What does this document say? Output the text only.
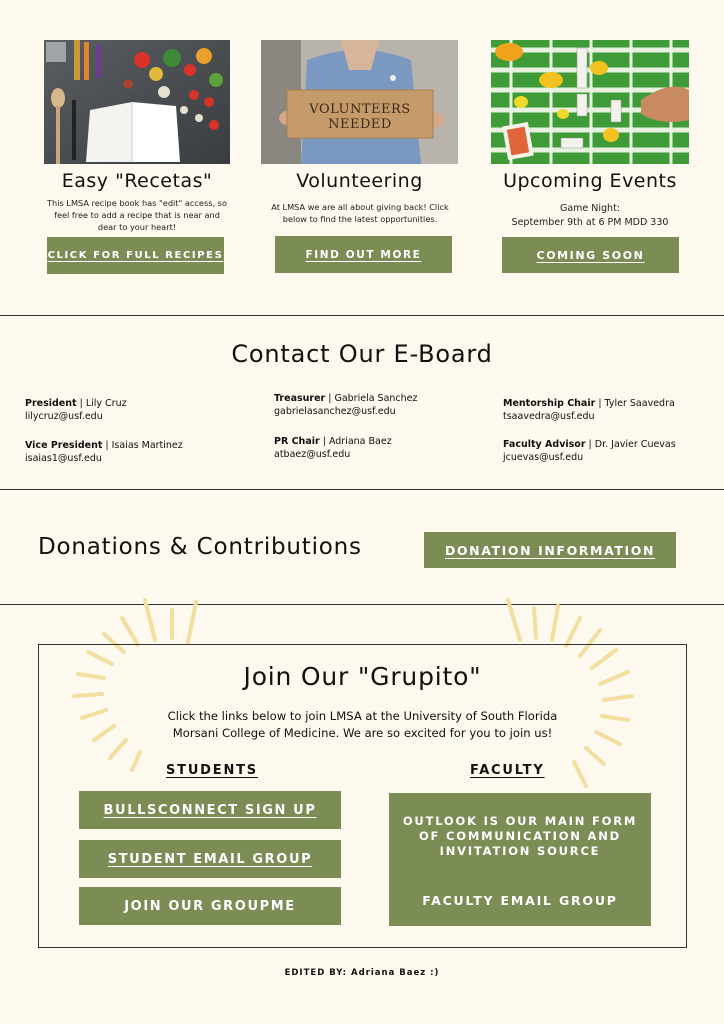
VOLUNTEERS NEEDED
Easy "Recetas"	Volunteering	Upcoming Events
This LMSA recipe book has "edit" access, so
feel free to add a recipe that is near and
dear to your heart!
At LMSA we are all about giving back! Click
below to find the latest opportunities.
Game Night:
September 9th at 6 PM MDD 330
CLICK FOR FULL RECIPES	FIND OUT MORE	COMING SOON
Contact Our E-Board
President | Lily Cruz
lilycruz@usf.edu
Vice President | Isaias Martinez
isaias1@usf.edu
Treasurer | Gabriela Sanchez
gabrielasanchez@usf.edu
PR Chair | Adriana Baez
atbaez@usf.edu
Mentorship Chair | Tyler Saavedra
tsaavedra@usf.edu
Faculty Advisor | Dr. Javier Cuevas
jcuevas@usf.edu
Donations & Contributions	DONATION INFORMATION
Join Our "Grupito"
Click the links below to join LMSA at the University of South Florida
Morsani College of Medicine. We are so excited for you to join us!
STUDENTS	FACULTY
BULLSCONNECT SIGN UP
STUDENT EMAIL GROUP
JOIN OUR GROUPME
OUTLOOK IS OUR MAIN FORM
OF COMMUNICATION AND
INVITATION SOURCE
FACULTY EMAIL GROUP
EDITED BY: Adriana Baez :)
